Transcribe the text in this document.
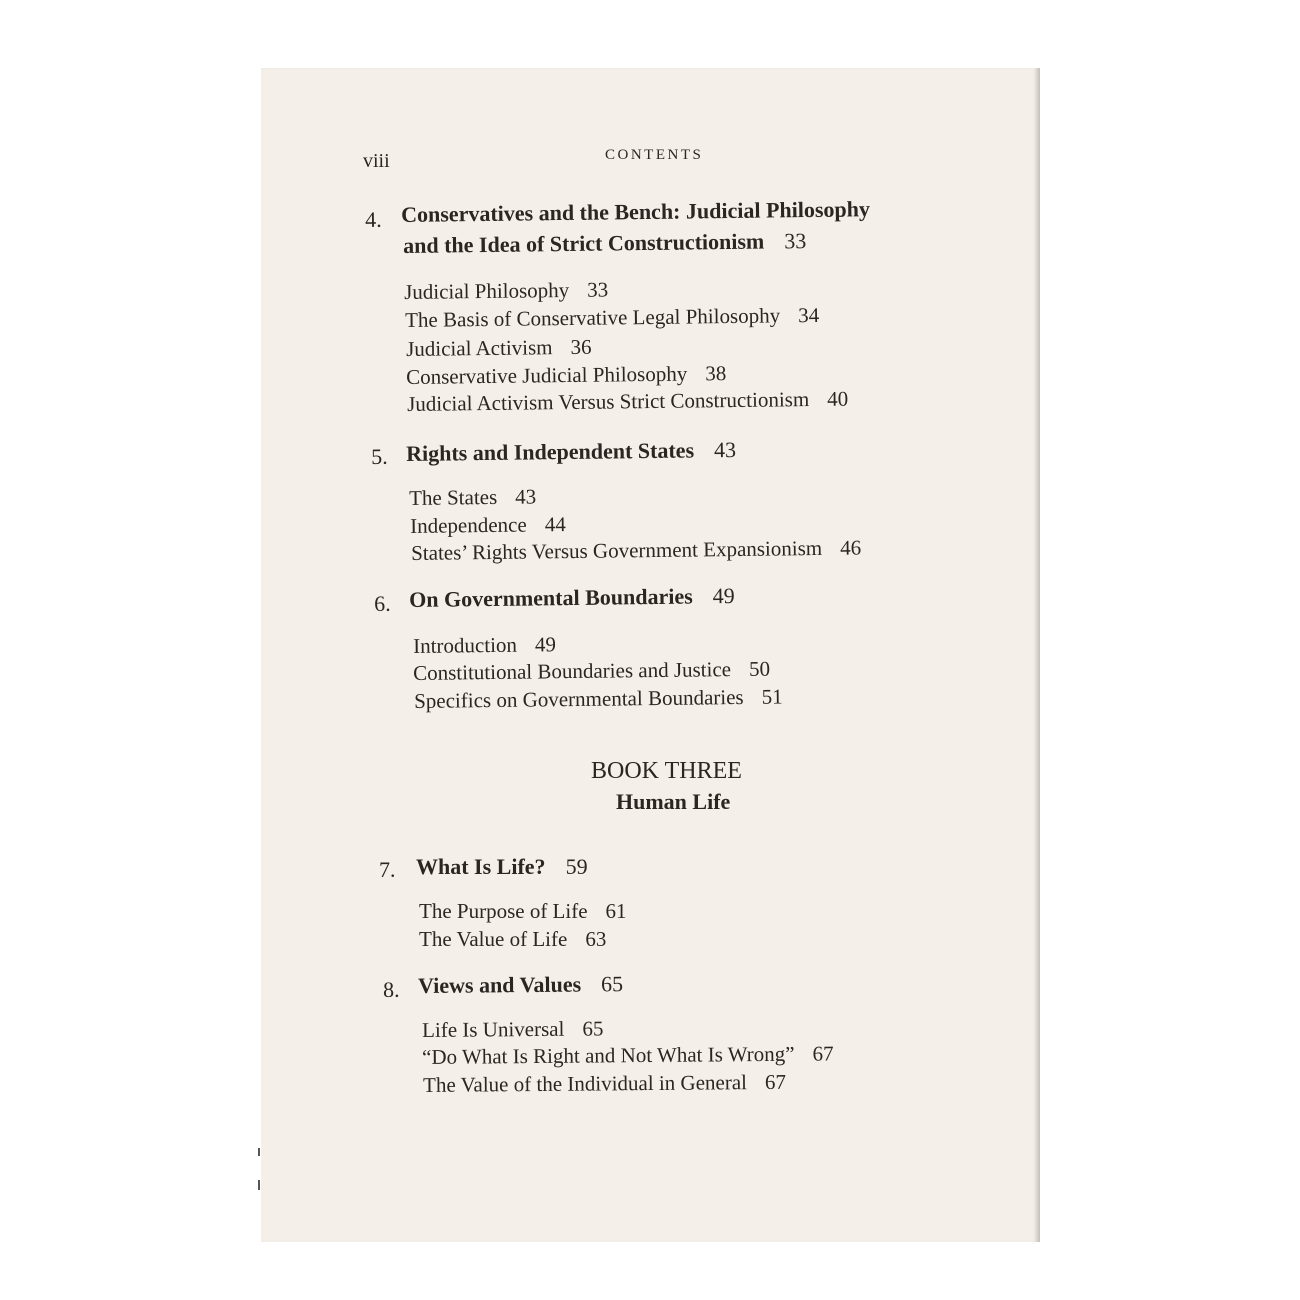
viii	CONTENTS
4. Conservatives and the Bench: Judicial Philosophy
and the Idea of Strict Constructionism 33
Judicial Philosophy 33
The Basis of Conservative Legal Philosophy 34
Judicial Activism 36
Conservative Judicial Philosophy 38
Judicial Activism Versus Strict Constructionism 40
5. Rights and Independent States 43
The States 43
Independence 44
States’ Rights Versus Government Expansionism 46
6. On Governmental Boundaries 49
Introduction 49
Constitutional Boundaries and Justice 50
Specifics on Governmental Boundaries 51
BOOK THREE
Human Life
7. What Is Life? 59
The Purpose of Life 61
The Value of Life 63
8. Views and Values 65
Life Is Universal 65
“Do What Is Right and Not What Is Wrong” 67
The Value of the Individual in General 67
